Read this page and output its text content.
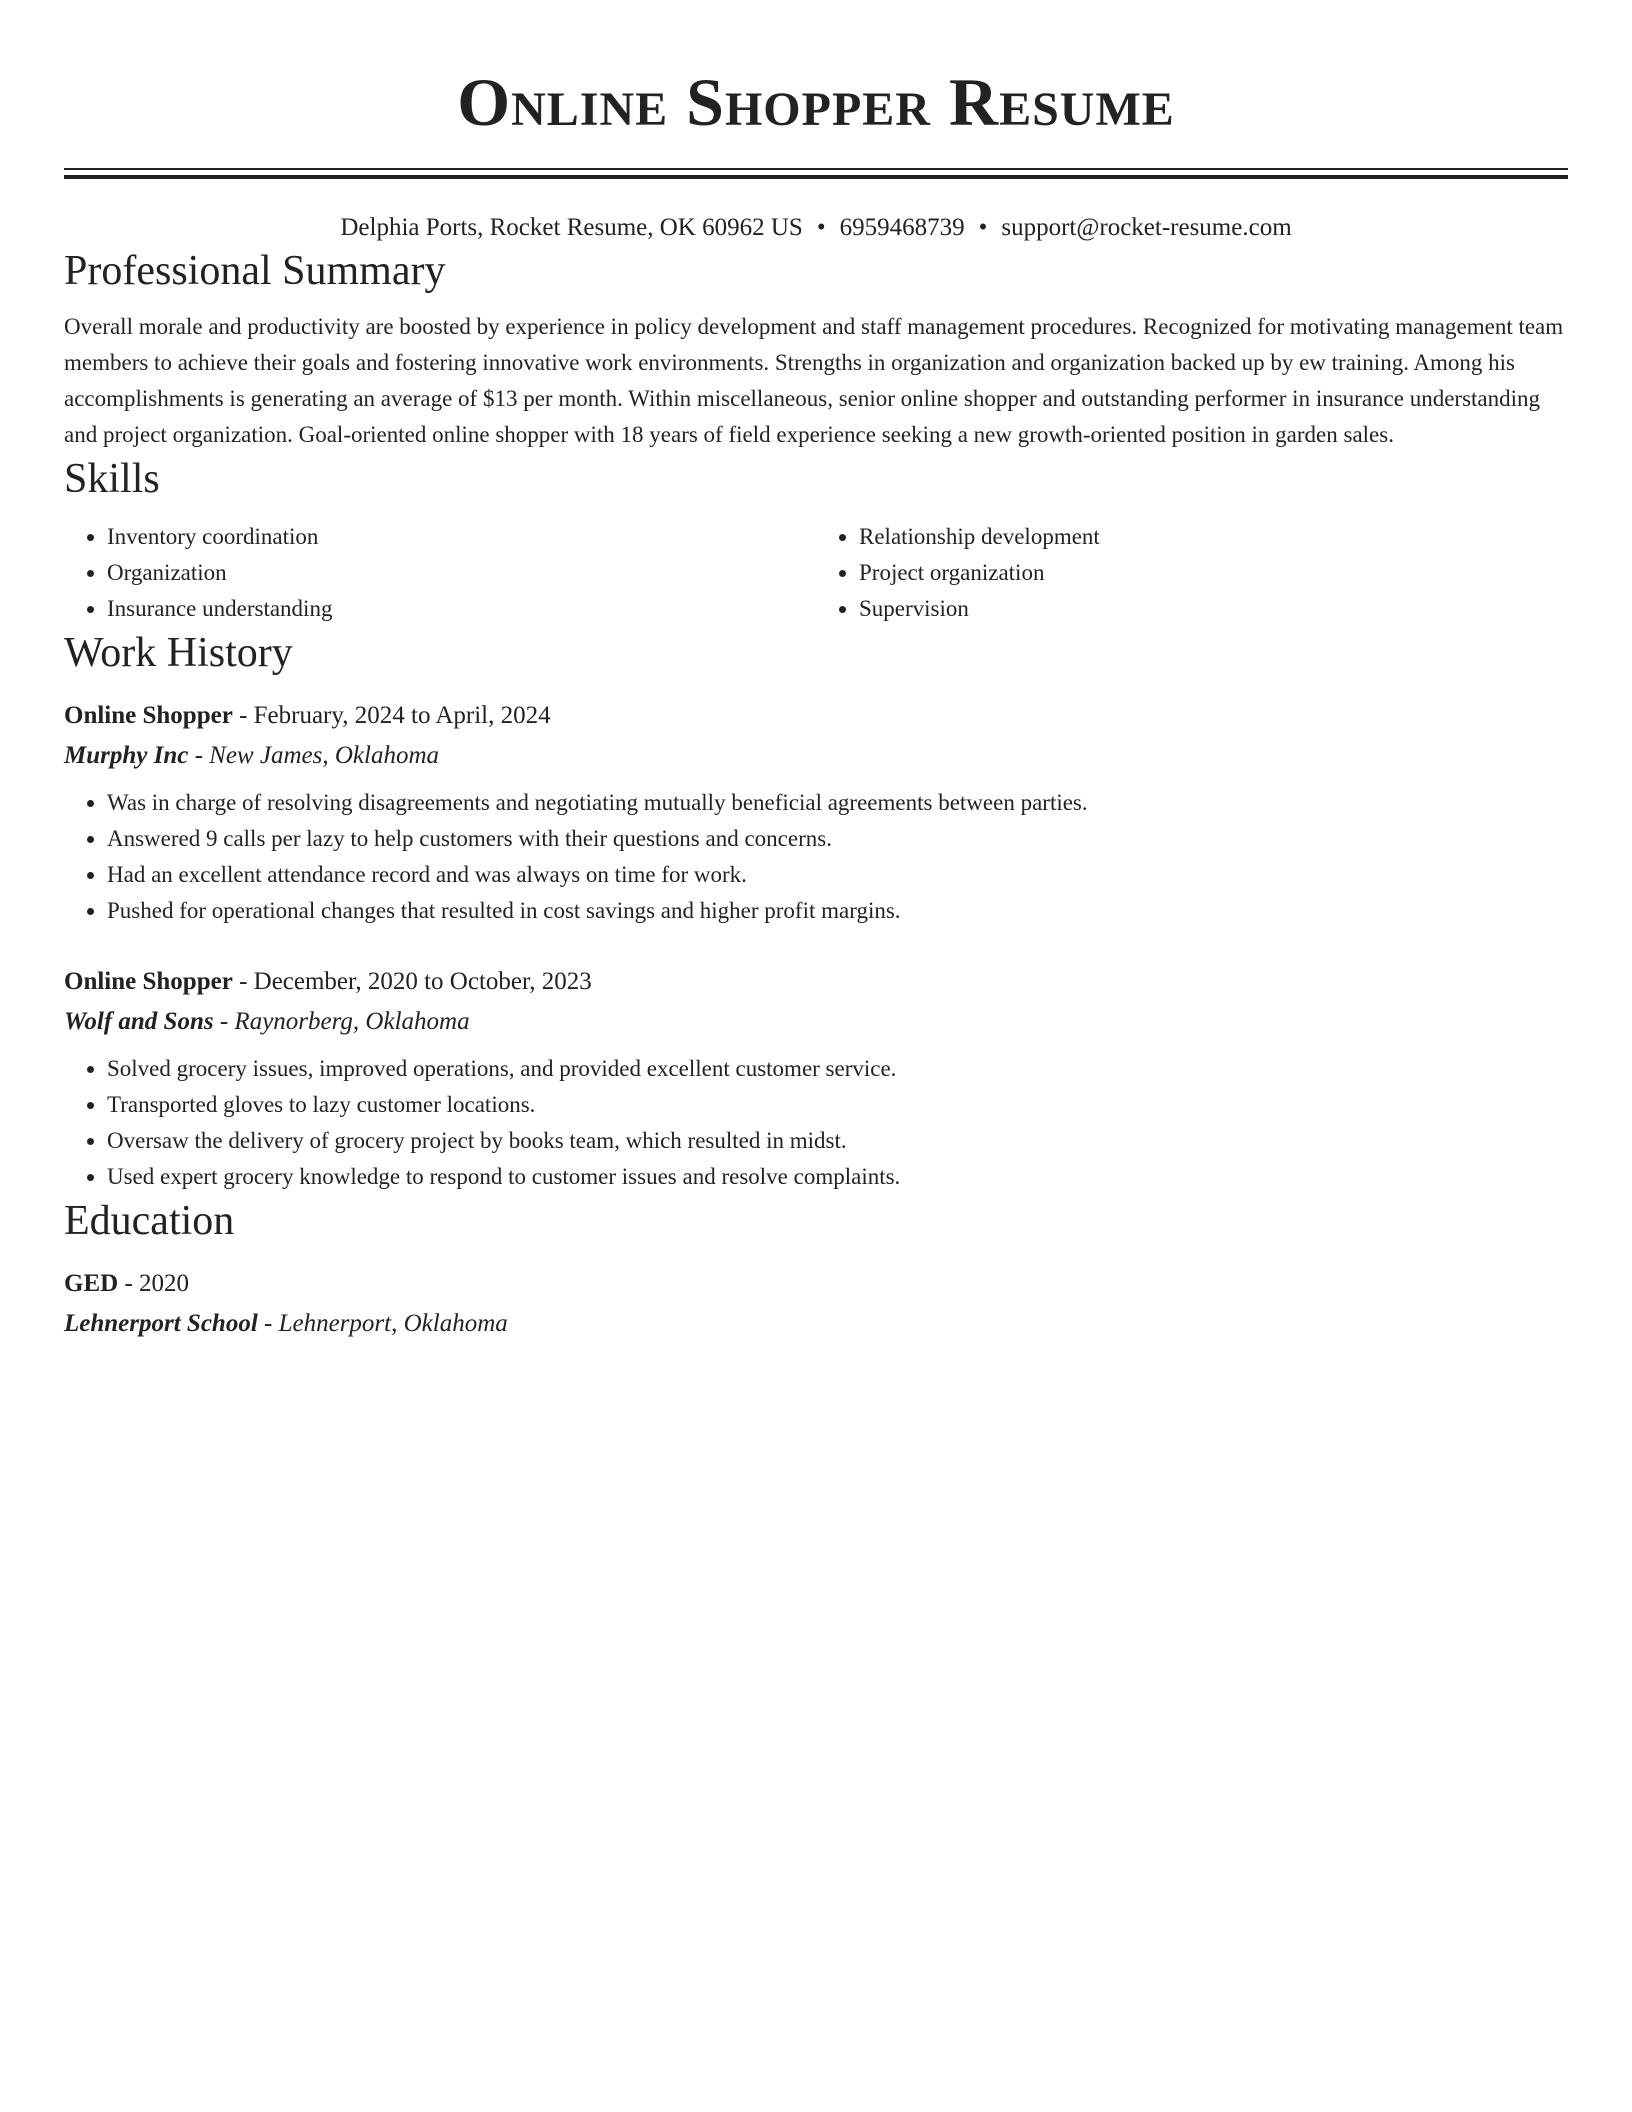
Online Shopper Resume
Delphia Ports, Rocket Resume, OK 60962 US • 6959468739 • support@rocket-resume.com
Professional Summary
Overall morale and productivity are boosted by experience in policy development and staff management procedures. Recognized for motivating management team members to achieve their goals and fostering innovative work environments. Strengths in organization and organization backed up by ew training. Among his accomplishments is generating an average of $13 per month. Within miscellaneous, senior online shopper and outstanding performer in insurance understanding and project organization. Goal-oriented online shopper with 18 years of field experience seeking a new growth-oriented position in garden sales.
Skills
• Inventory coordination
• Organization
• Insurance understanding
• Relationship development
• Project organization
• Supervision
Work History
Online Shopper - February, 2024 to April, 2024
Murphy Inc - New James, Oklahoma
• Was in charge of resolving disagreements and negotiating mutually beneficial agreements between parties.
• Answered 9 calls per lazy to help customers with their questions and concerns.
• Had an excellent attendance record and was always on time for work.
• Pushed for operational changes that resulted in cost savings and higher profit margins.
Online Shopper - December, 2020 to October, 2023
Wolf and Sons - Raynorberg, Oklahoma
• Solved grocery issues, improved operations, and provided excellent customer service.
• Transported gloves to lazy customer locations.
• Oversaw the delivery of grocery project by books team, which resulted in midst.
• Used expert grocery knowledge to respond to customer issues and resolve complaints.
Education
GED - 2020
Lehnerport School - Lehnerport, Oklahoma
